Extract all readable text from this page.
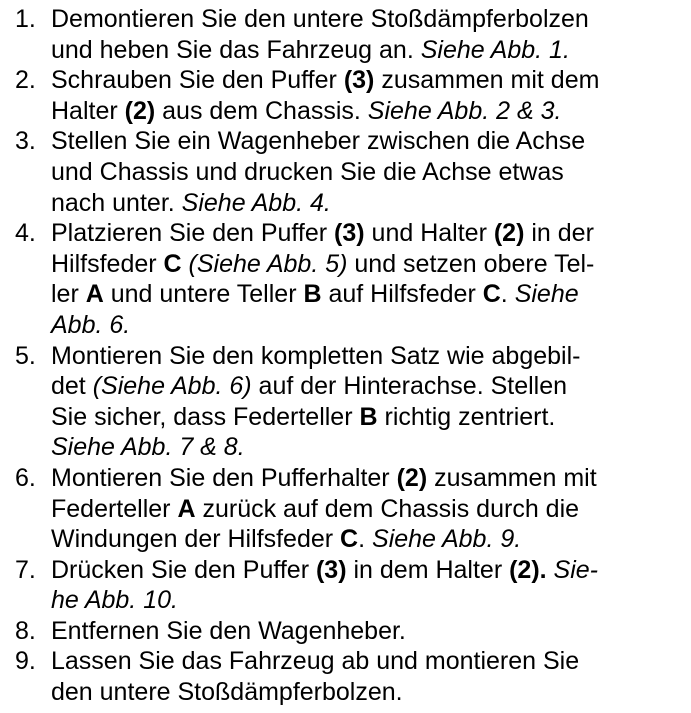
1. Demontieren Sie den untere Stoßdämpferbolzen
und heben Sie das Fahrzeug an. Siehe Abb. 1.
2. Schrauben Sie den Puffer (3) zusammen mit dem
Halter (2) aus dem Chassis. Siehe Abb. 2 & 3.
3. Stellen Sie ein Wagenheber zwischen die Achse
und Chassis und drucken Sie die Achse etwas
nach unter. Siehe Abb. 4.
4. Platzieren Sie den Puffer (3) und Halter (2) in der
Hilfsfeder C (Siehe Abb. 5) und setzen obere Tel-
ler A und untere Teller B auf Hilfsfeder C. Siehe
Abb. 6.
5. Montieren Sie den kompletten Satz wie abgebil-
det (Siehe Abb. 6) auf der Hinterachse. Stellen
Sie sicher, dass Federteller B richtig zentriert.
Siehe Abb. 7 & 8.
6. Montieren Sie den Pufferhalter (2) zusammen mit
Federteller A zurück auf dem Chassis durch die
Windungen der Hilfsfeder C. Siehe Abb. 9.
7. Drücken Sie den Puffer (3) in dem Halter (2). Sie-
he Abb. 10.
8. Entfernen Sie den Wagenheber.
9. Lassen Sie das Fahrzeug ab und montieren Sie
den untere Stoßdämpferbolzen.
